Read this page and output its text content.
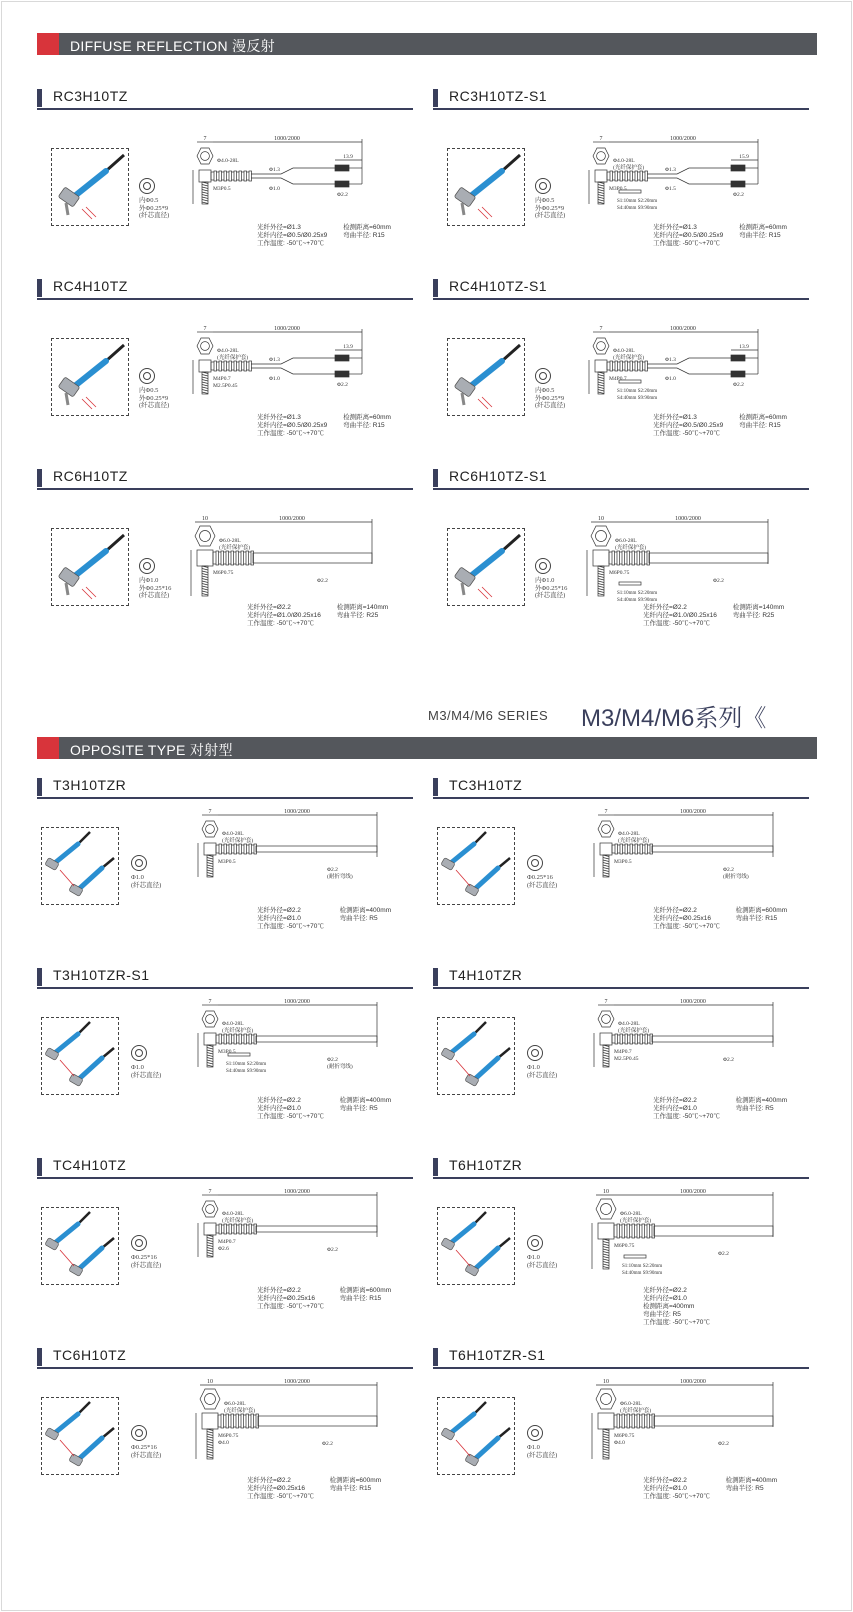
DIFFUSE REFLECTION 漫反射
M3/M4/M6 SERIES M3/M4/M6系列《
OPPOSITE TYPE 对射型
RC3H10TZ
内Φ0.5
外Φ0.25*9
(纤芯直径)
7	1000/2000
Φ4.0-28L
13.9
Φ1.3
Φ1.0
Φ2.2
M3P0.5
光纤外径=Ø1.3
光纤内径=Ø0.5/Ø0.25x9
工作温度: -50℃~+70℃

检测距离=60mm
弯曲半径: R15
RC3H10TZ-S1
内Φ0.5
外Φ0.25*9
(纤芯直径)
7	1000/2000
Φ4.0-28L
(光纤保护套)
15.9
Φ1.3
Φ1.5
Φ2.2
M3P0.5
S1:10mm S2:20mm
S4:40mm S9:90mm
光纤外径=Ø1.3
光纤内径=Ø0.5/Ø0.25x9
工作温度: -50℃~+70℃

检测距离=60mm
弯曲半径: R15
RC4H10TZ
内Φ0.5
外Φ0.25*9
(纤芯直径)
7	1000/2000
Φ4.0-28L
(光纤保护套)
13.9
Φ1.3
Φ1.0
Φ2.2
M4P0.7
M2.5P0.45
光纤外径=Ø1.3
光纤内径=Ø0.5/Ø0.25x9
工作温度: -50℃~+70℃

检测距离=60mm
弯曲半径: R15
RC4H10TZ-S1
内Φ0.5
外Φ0.25*9
(纤芯直径)
7	1000/2000
Φ4.0-28L
(光纤保护套)
13.9
Φ1.3
Φ1.0
Φ2.2
M4P0.7
S1:10mm S2:20mm
S4:40mm S9:90mm
光纤外径=Ø1.3
光纤内径=Ø0.5/Ø0.25x9
工作温度: -50℃~+70℃

检测距离=60mm
弯曲半径: R15
RC6H10TZ
内Φ1.0
外Φ0.25*16
(纤芯直径)
10	1000/2000
Φ6.0-28L
(光纤保护套)
Φ2.2
M6P0.75
光纤外径=Ø2.2
光纤内径=Ø1.0/Ø0.25x16
工作温度: -50℃~+70℃

检测距离=140mm
弯曲半径: R25
RC6H10TZ-S1
内Φ1.0
外Φ0.25*16
(纤芯直径)
10	1000/2000
Φ6.0-28L
(光纤保护套)
Φ2.2
M6P0.75
S1:10mm S2:20mm
S4:40mm S9:90mm
光纤外径=Ø2.2
光纤内径=Ø1.0/Ø0.25x16
工作温度: -50℃~+70℃

检测距离=140mm
弯曲半径: R25
T3H10TZR
Φ1.0
(纤芯直径)
7	1000/2000
Φ4.0-28L
(光纤保护套)
Φ2.2
(耐折弯线)
M3P0.5
光纤外径=Ø2.2
光纤内径=Ø1.0
工作温度: -50℃~+70℃

检测距离=400mm
弯曲半径: R5
TC3H10TZ
Φ0.25*16
(纤芯直径)
7	1000/2000
Φ4.0-28L
(光纤保护套)
Φ2.2
(耐折弯线)
M3P0.5
光纤外径=Ø2.2
光纤内径=Ø0.25x16
工作温度: -50℃~+70℃

检测距离=600mm
弯曲半径: R15
T3H10TZR-S1
Φ1.0
(纤芯直径)
7	1000/2000
Φ4.0-28L
(光纤保护套)
Φ2.2
(耐折弯线)
M3P0.5
S1:10mm S2:20mm
S4:40mm S9:90mm
光纤外径=Ø2.2
光纤内径=Ø1.0
工作温度: -50℃~+70℃

检测距离=400mm
弯曲半径: R5
T4H10TZR
Φ1.0
(纤芯直径)
7	1000/2000
Φ4.0-28L
(光纤保护套)
Φ2.2
M4P0.7
M2.5P0.45
光纤外径=Ø2.2
光纤内径=Ø1.0
工作温度: -50℃~+70℃

检测距离=400mm
弯曲半径: R5
TC4H10TZ
Φ0.25*16
(纤芯直径)
7	1000/2000
Φ4.0-28L
(光纤保护套)
Φ2.2
M4P0.7
Φ2.6
光纤外径=Ø2.2
光纤内径=Ø0.25x16
工作温度: -50℃~+70℃

检测距离=600mm
弯曲半径: R15
T6H10TZR
Φ1.0
(纤芯直径)
10	1000/2000
Φ6.0-28L
(光纤保护套)
Φ2.2
M6P0.75
S1:10mm S2:20mm
S4:40mm S9:90mm
光纤外径=Ø2.2
光纤内径=Ø1.0
检测距离=400mm
弯曲半径: R5
工作温度: -50℃~+70℃

TC6H10TZ
Φ0.25*16
(纤芯直径)
10	1000/2000
Φ6.0-28L
(光纤保护套)
Φ2.2
M6P0.75
Φ4.0
光纤外径=Ø2.2
光纤内径=Ø0.25x16
工作温度: -50℃~+70℃

检测距离=600mm
弯曲半径: R15
T6H10TZR-S1
Φ1.0
(纤芯直径)
10	1000/2000
Φ6.0-28L
(光纤保护套)
Φ2.2
M6P0.75
Φ4.0
光纤外径=Ø2.2
光纤内径=Ø1.0
工作温度: -50℃~+70℃

检测距离=400mm
弯曲半径: R5
